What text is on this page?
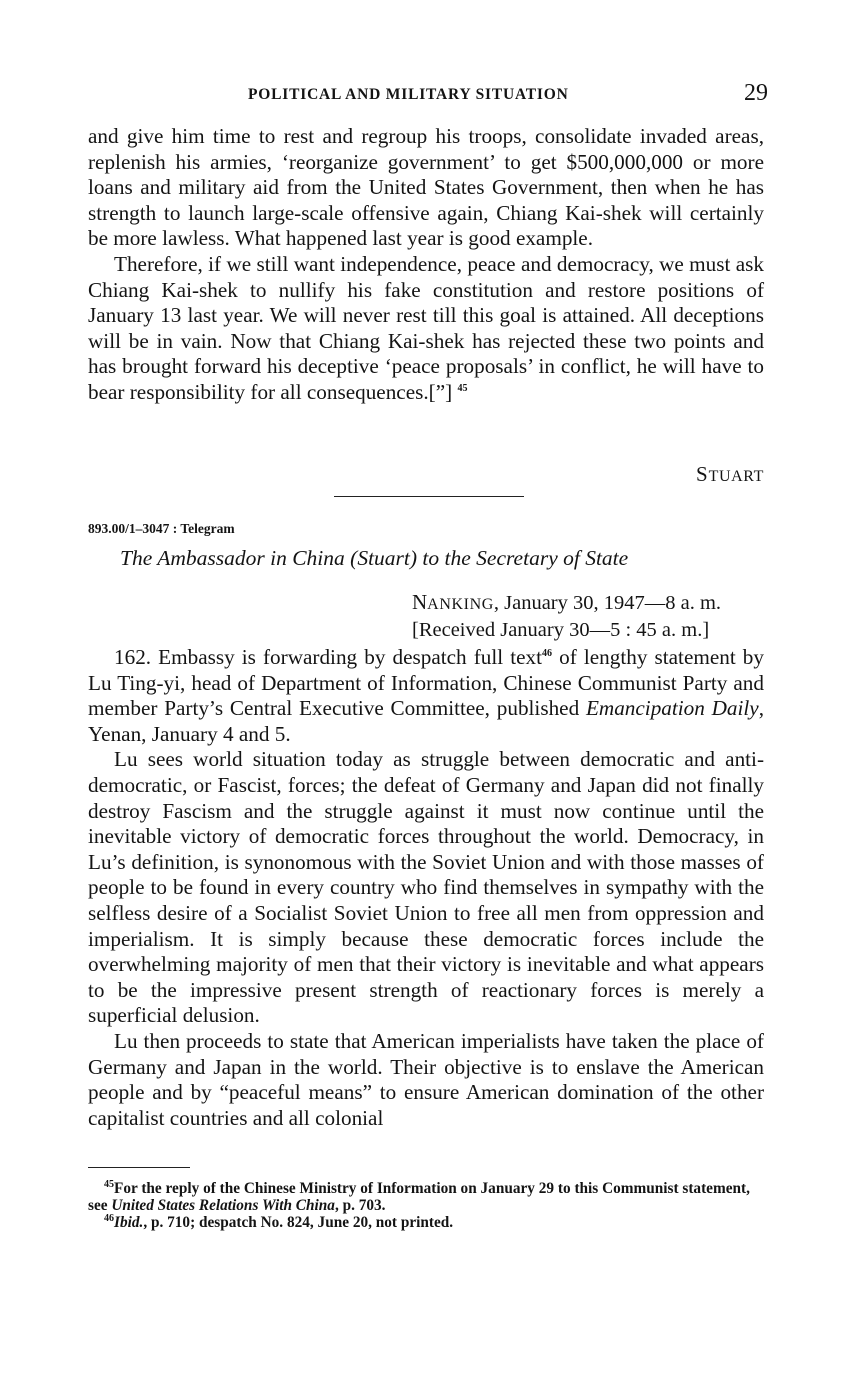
POLITICAL AND MILITARY SITUATION	29

and give him time to rest and regroup his troops, consolidate invaded areas, replenish his armies, ‘reorganize government’ to get $500,000,000 or more loans and military aid from the United States Government, then when he has strength to launch large-scale offensive again, Chiang Kai-shek will certainly be more lawless. What happened last year is good example.

Therefore, if we still want independence, peace and democracy, we must ask Chiang Kai-shek to nullify his fake constitution and restore positions of January 13 last year. We will never rest till this goal is attained. All deceptions will be in vain. Now that Chiang Kai-shek has rejected these two points and has brought forward his deceptive ‘peace proposals’ in conflict, he will have to bear responsibility for all consequences.[”] $^{45}$

STUART
893.00/1–3047 : Telegram
The Ambassador in China (Stuart) to the Secretary of State
NANKING, January 30, 1947—8 a. m.
[Received January 30—5 : 45 a. m.]

162. Embassy is forwarding by despatch full text$^{46}$ of lengthy statement by Lu Ting-yi, head of Department of Information, Chinese Communist Party and member Party’s Central Executive Committee, published Emancipation Daily, Yenan, January 4 and 5.

Lu sees world situation today as struggle between democratic and anti-democratic, or Fascist, forces; the defeat of Germany and Japan did not finally destroy Fascism and the struggle against it must now continue until the inevitable victory of democratic forces throughout the world. Democracy, in Lu’s definition, is synonomous with the Soviet Union and with those masses of people to be found in every country who find themselves in sympathy with the selfless desire of a Socialist Soviet Union to free all men from oppression and imperialism. It is simply because these democratic forces include the overwhelming majority of men that their victory is inevitable and what appears to be the impressive present strength of reactionary forces is merely a superficial delusion.

Lu then proceeds to state that American imperialists have taken the place of Germany and Japan in the world. Their objective is to enslave the American people and by “peaceful means” to ensure American domination of the other capitalist countries and all colonial

$^{45}$For the reply of the Chinese Ministry of Information on January 29 to this Communist statement, see United States Relations With China, p. 703.

$^{46}$Ibid., p. 710; despatch No. 824, June 20, not printed.
